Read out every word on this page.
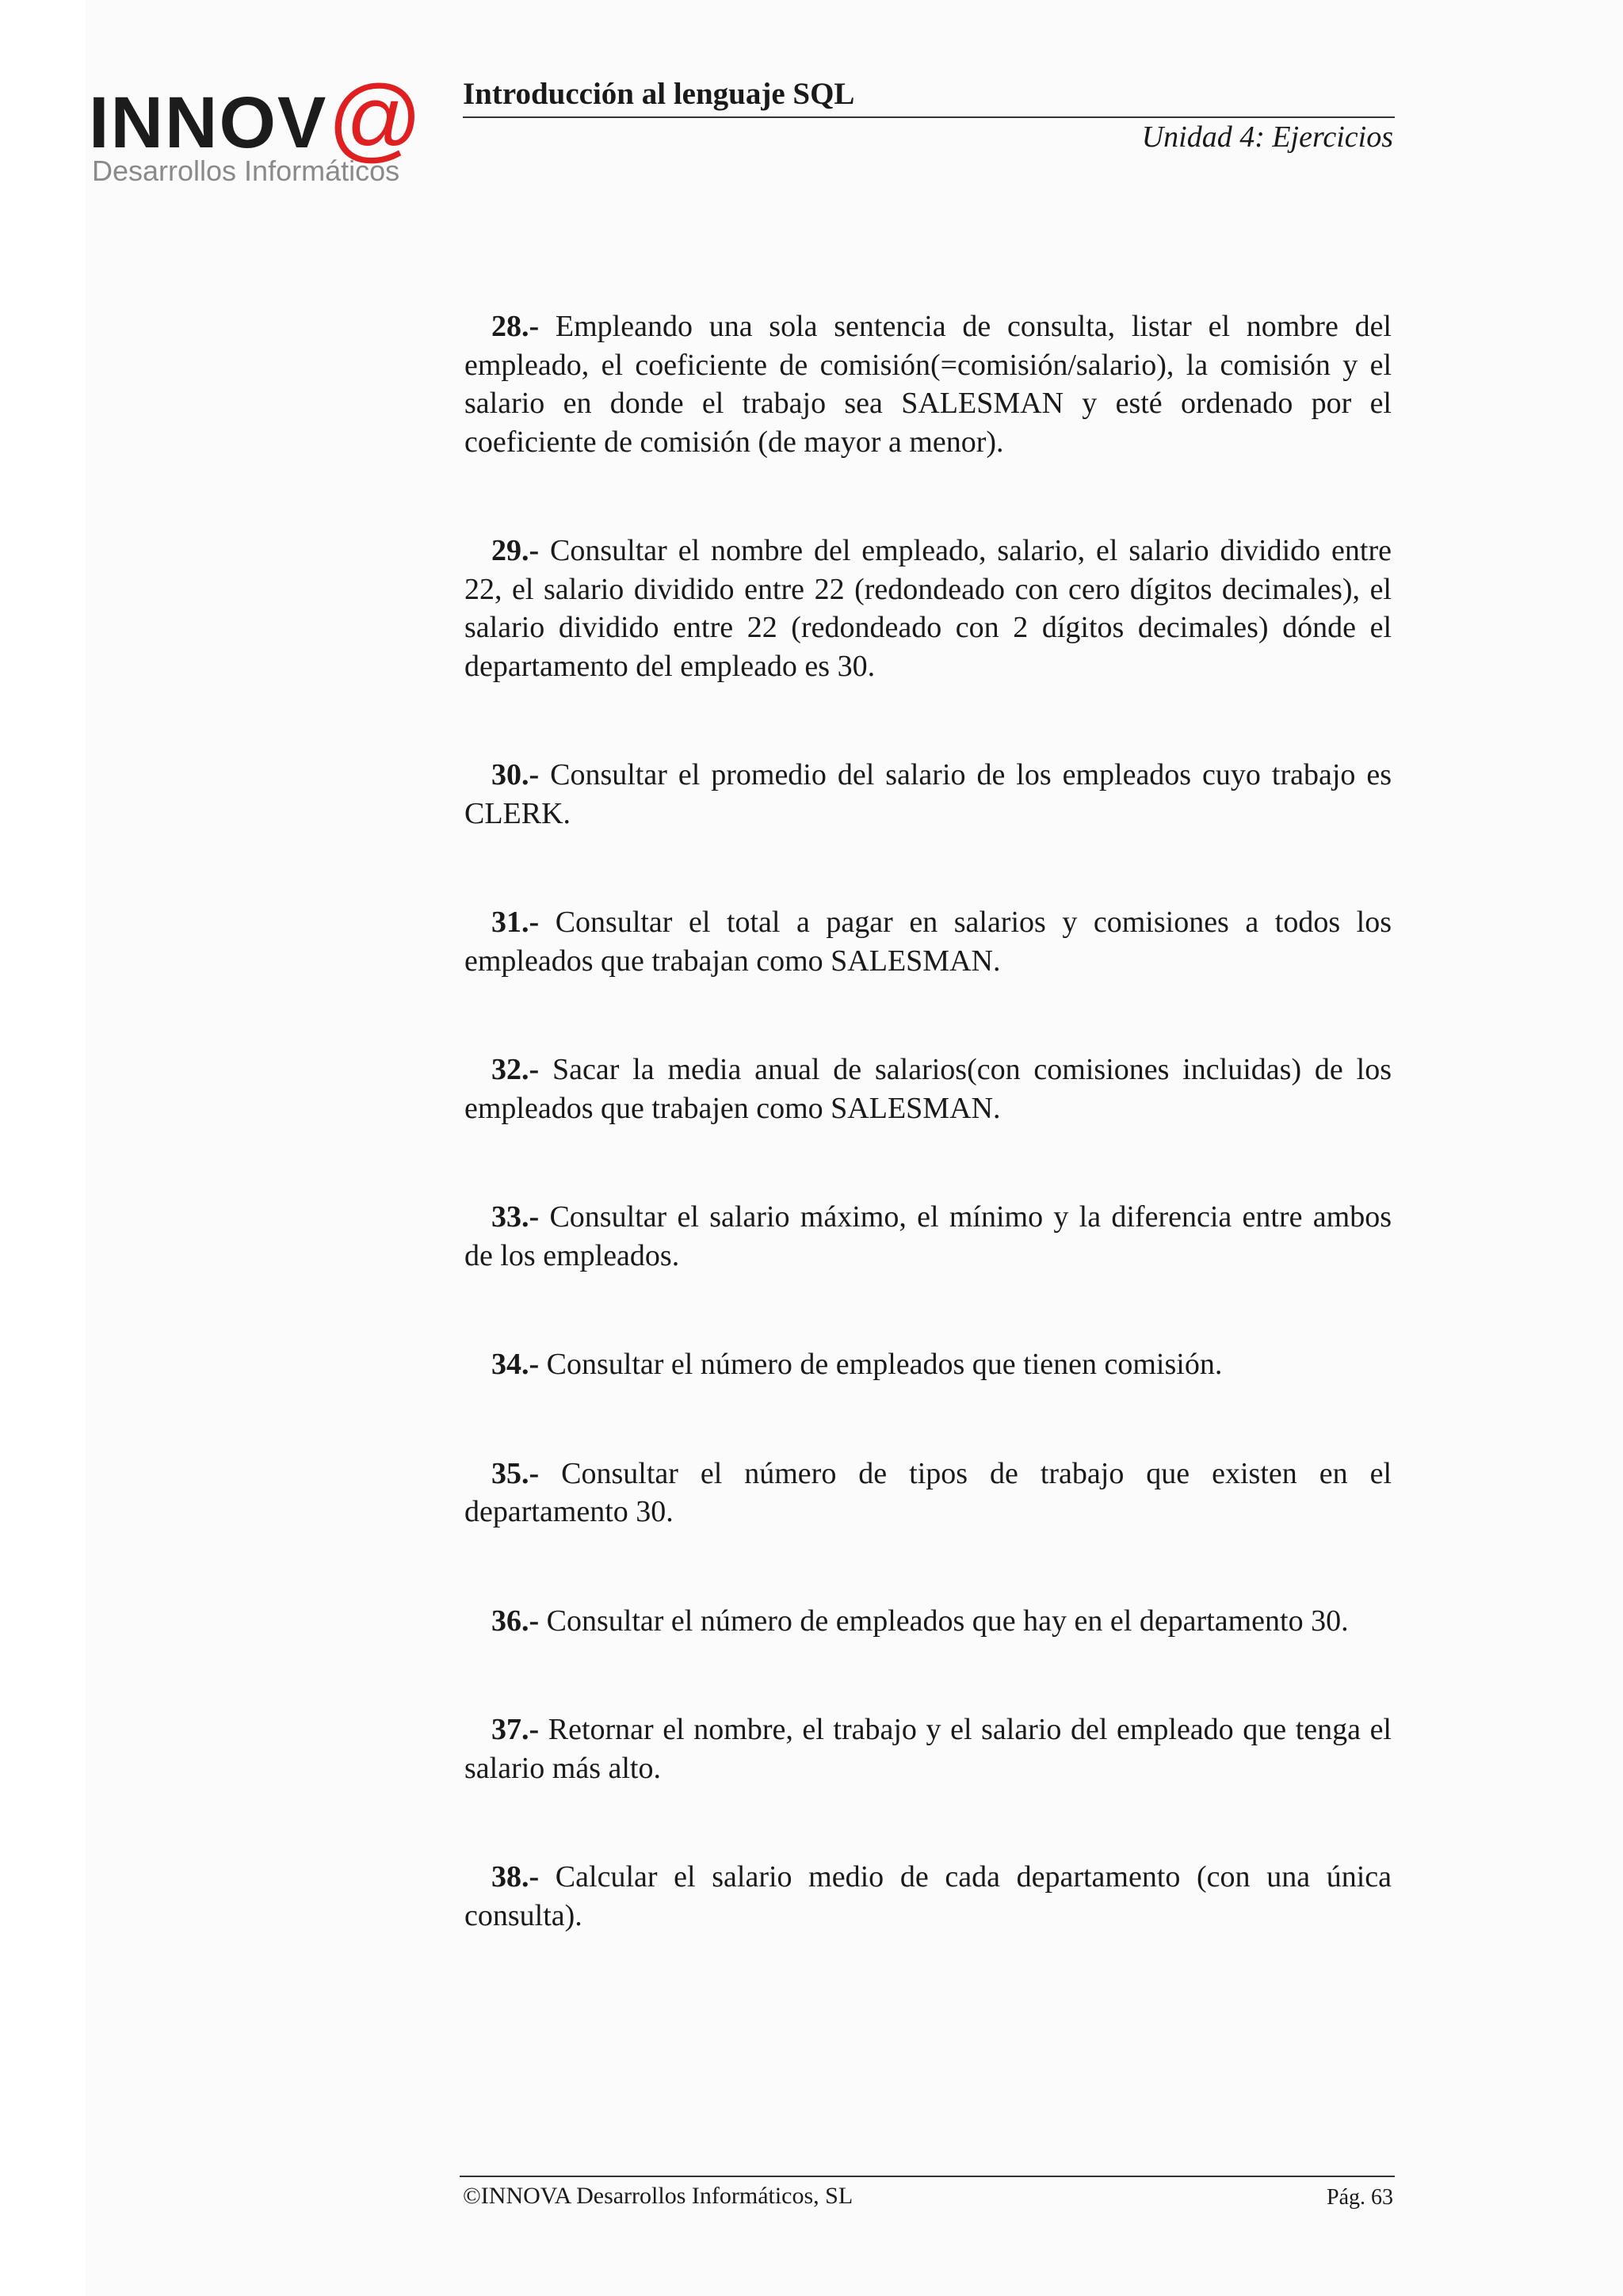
INNOV@
Desarrollos Informáticos
Introducción al lenguaje SQL
Unidad 4: Ejercicios

28.- Empleando una sola sentencia de consulta, listar el nombre del empleado, el coeficiente de comisión(=comisión/salario), la comisión y el salario en donde el trabajo sea SALESMAN y esté ordenado por el coeficiente de comisión (de mayor a menor).

29.- Consultar el nombre del empleado, salario, el salario dividido entre 22, el salario dividido entre 22 (redondeado con cero dígitos decimales), el salario dividido entre 22 (redondeado con 2 dígitos decimales) dónde el departamento del empleado es 30.

30.- Consultar el promedio del salario de los empleados cuyo trabajo es CLERK.

31.- Consultar el total a pagar en salarios y comisiones a todos los empleados que trabajan como SALESMAN.

32.- Sacar la media anual de salarios(con comisiones incluidas) de los empleados que trabajen como SALESMAN.

33.- Consultar el salario máximo, el mínimo y la diferencia entre ambos de los empleados.

34.- Consultar el número de empleados que tienen comisión.

35.- Consultar el número de tipos de trabajo que existen en el departamento 30.

36.- Consultar el número de empleados que hay en el departamento 30.

37.- Retornar el nombre, el trabajo y el salario del empleado que tenga el salario más alto.

38.- Calcular el salario medio de cada departamento (con una única consulta).

©INNOVA Desarrollos Informáticos, SL	Pág. 63
